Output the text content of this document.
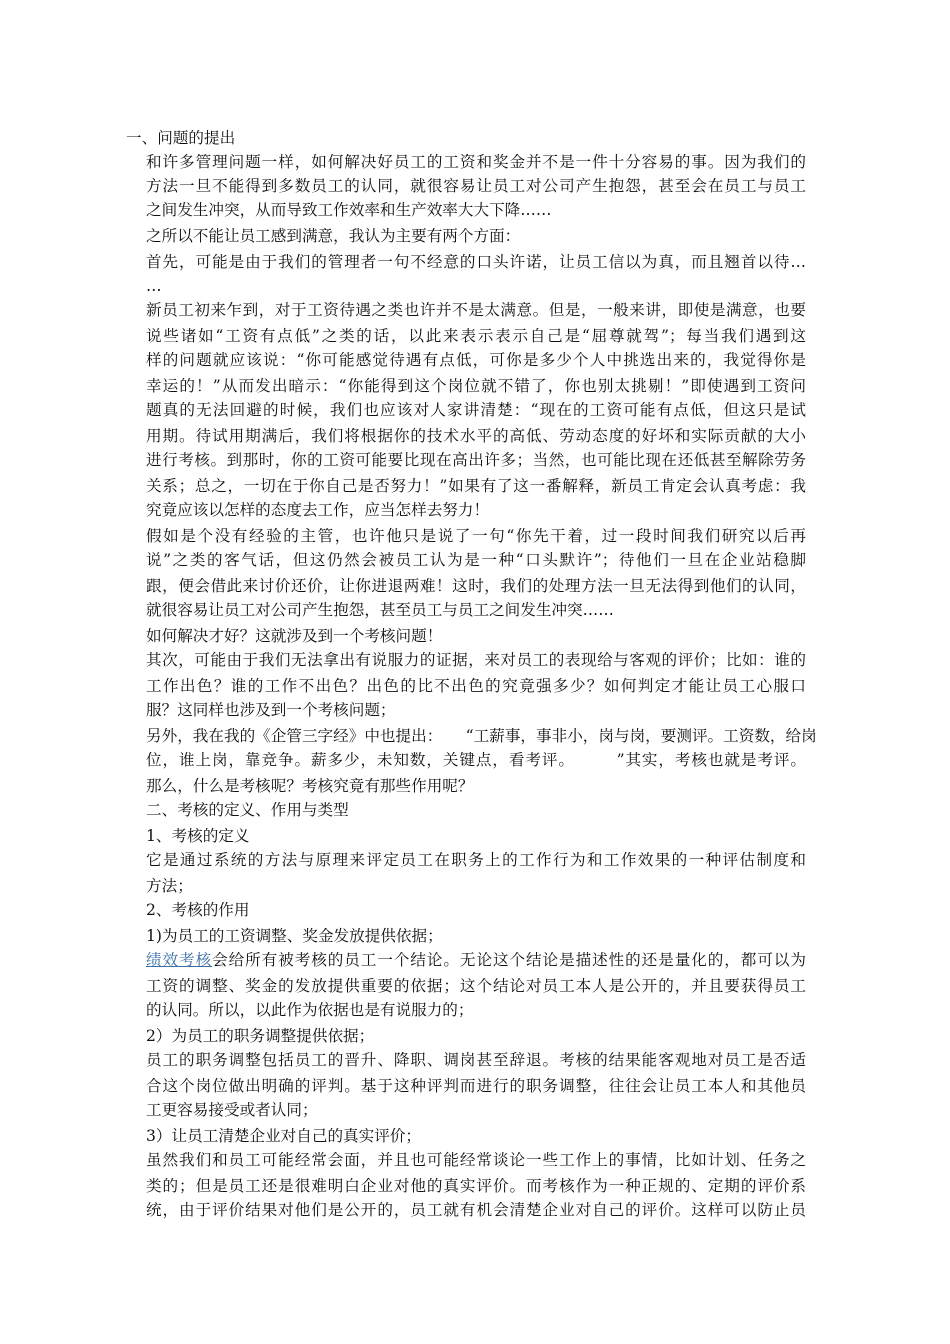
一、问题的提出
和许多管理问题一样，如何解决好员工的工资和奖金并不是一件十分容易的事。因为我们的
方法一旦不能得到多数员工的认同，就很容易让员工对公司产生抱怨，甚至会在员工与员工
之间发生冲突，从而导致工作效率和生产效率大大下降……
之所以不能让员工感到满意，我认为主要有两个方面：
首先，可能是由于我们的管理者一句不经意的口头许诺，让员工信以为真，而且翘首以待…
…
新员工初来乍到，对于工资待遇之类也许并不是太满意。但是，一般来讲，即使是满意，也要
说些诸如“工资有点低”之类的话，以此来表示表示自己是“屈尊就驾”；每当我们遇到这
样的问题就应该说：“你可能感觉待遇有点低，可你是多少个人中挑选出来的，我觉得你是
幸运的！”从而发出暗示：“你能得到这个岗位就不错了，你也别太挑剔！”即使遇到工资问
题真的无法回避的时候，我们也应该对人家讲清楚：“现在的工资可能有点低，但这只是试
用期。待试用期满后，我们将根据你的技术水平的高低、劳动态度的好坏和实际贡献的大小
进行考核。到那时，你的工资可能要比现在高出许多；当然，也可能比现在还低甚至解除劳务
关系；总之，一切在于你自己是否努力！”如果有了这一番解释，新员工肯定会认真考虑：我
究竟应该以怎样的态度去工作，应当怎样去努力！
假如是个没有经验的主管，也许他只是说了一句“你先干着，过一段时间我们研究以后再
说”之类的客气话，但这仍然会被员工认为是一种“口头默许”；待他们一旦在企业站稳脚
跟，便会借此来讨价还价，让你进退两难！这时，我们的处理方法一旦无法得到他们的认同，
就很容易让员工对公司产生抱怨，甚至员工与员工之间发生冲突……
如何解决才好？这就涉及到一个考核问题！
其次，可能由于我们无法拿出有说服力的证据，来对员工的表现给与客观的评价；比如：谁的
工作出色？谁的工作不出色？出色的比不出色的究竟强多少？如何判定才能让员工心服口
服？这同样也涉及到一个考核问题；
另外，我在我的《企管三字经》中也提出：　　“工薪事，事非小，岗与岗，要测评。工资数，给岗
位，谁上岗，靠竞争。薪多少，未知数，关键点，看考评。　　　”其实，考核也就是考评。
那么，什么是考核呢？考核究竟有那些作用呢？
二、考核的定义、作用与类型
1、考核的定义
它是通过系统的方法与原理来评定员工在职务上的工作行为和工作效果的一种评估制度和
方法；
2、考核的作用
1)为员工的工资调整、奖金发放提供依据；
绩效考核会给所有被考核的员工一个结论。无论这个结论是描述性的还是量化的，都可以为
工资的调整、奖金的发放提供重要的依据；这个结论对员工本人是公开的，并且要获得员工
的认同。所以，以此作为依据也是有说服力的；
2）为员工的职务调整提供依据；
员工的职务调整包括员工的晋升、降职、调岗甚至辞退。考核的结果能客观地对员工是否适
合这个岗位做出明确的评判。基于这种评判而进行的职务调整，往往会让员工本人和其他员
工更容易接受或者认同；
3）让员工清楚企业对自己的真实评价；
虽然我们和员工可能经常会面，并且也可能经常谈论一些工作上的事情，比如计划、任务之
类的；但是员工还是很难明白企业对他的真实评价。而考核作为一种正规的、定期的评价系
统，由于评价结果对他们是公开的，员工就有机会清楚企业对自己的评价。这样可以防止员
